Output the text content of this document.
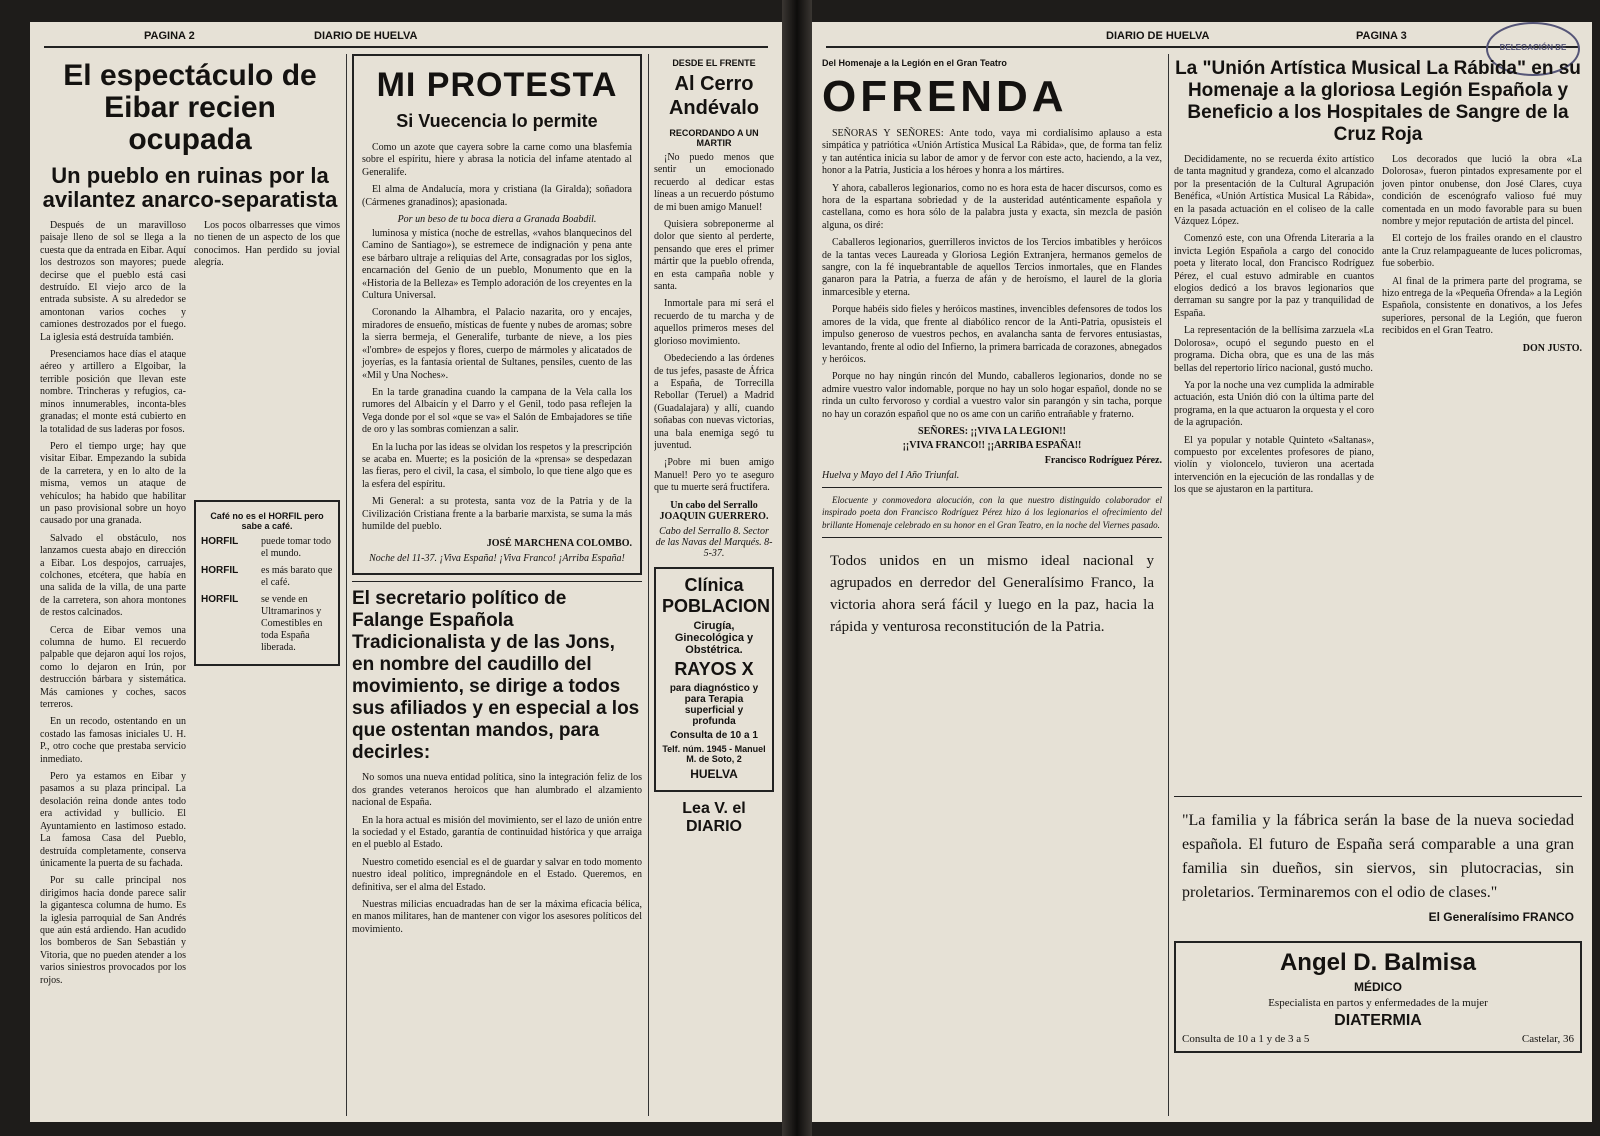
PAGINA 2	DIARIO DE HUELVA
El espectáculo de Eibar recien ocupada
Un pueblo en ruinas por la avilantez anarco-separatista

Después de un maravilloso paisaje lleno de sol se llega a la cuesta que da entrada en Eibar. Aquí los destrozos son mayores; puede decirse que el pueblo está casi destruído. El viejo arco de la entrada subsiste. A su alrededor se amontonan varios coches y camiones destrozados por el fuego. La iglesia está destruída también.

Presenciamos hace días el ataque aéreo y artillero a Elgoibar, la terrible posición que llevan este nombre. Trincheras y refugios, ca-minos innumerables, inconta-bles granadas; el monte está cubierto en la totalidad de sus laderas por fosos.

Pero el tiempo urge; hay que visitar Eibar. Empezando la subida de la carretera, y en lo alto de la misma, vemos un ataque de vehículos; ha habido que habilitar un paso provisional sobre un hoyo causado por una granada.

Salvado el obstáculo, nos lanzamos cuesta abajo en dirección a Eibar. Los despojos, carruajes, colchones, etcétera, que había en una salida de la villa, de una parte de la carretera, son ahora montones de restos calcinados.

Cerca de Eibar vemos una columna de humo. El recuerdo palpable que dejaron aquí los rojos, como lo dejaron en Irún, por destrucción bárbara y sistemática. Más camiones y coches, sacos terreros.

En un recodo, ostentando en un costado las famosas iniciales U. H. P., otro coche que prestaba servicio inmediato.

Pero ya estamos en Eibar y pasamos a su plaza principal. La desolación reina donde antes todo era actividad y bullicio. El Ayuntamiento en lastimoso estado. La famosa Casa del Pueblo, destruída completamente, conserva únicamente la puerta de su fachada.

Por su calle principal nos dirigimos hacia donde parece salir la gigantesca columna de humo. Es la iglesia parroquial de San Andrés que aún está ardiendo. Han acudido los bomberos de San Sebastián y Vitoria, que no pueden atender a los varios siniestros provocados por los rojos.

Los pocos olbarresses que vimos no tienen de un aspecto de los que conocimos. Han perdido su jovial alegría.

Café no es el HORFIL pero sabe a café.
HORFIL	puede tomar todo el mundo.
HORFIL	es más barato que el café.
HORFIL	se vende en Ultramarinos y Comestibles en toda España liberada.
MI PROTESTA
Si Vuecencia lo permite

Como un azote que cayera sobre la carne como una blasfemia sobre el espíritu, hiere y abrasa la noticia del infame atentado al Generalife.

El alma de Andalucía, mora y cristiana (la Giralda); soñadora (Cármenes granadinos); apasionada.

Por un beso de tu boca diera a Granada Boabdil.

luminosa y mística (noche de estrellas, «vahos blanquecinos del Camino de Santiago»), se estremece de indignación y pena ante ese bárbaro ultraje a reliquias del Arte, consagradas por los siglos, encarnación del Genio de un pueblo, Monumento que en la «Historia de la Belleza» es Templo adoración de los creyentes en la Cultura Universal.

Coronando la Alhambra, el Palacio nazarita, oro y encajes, miradores de ensueño, místicas de fuente y nubes de aromas; sobre la sierra bermeja, el Generalife, turbante de nieve, a los pies «l'ombre» de espejos y flores, cuerpo de mármoles y alicatados de joyerías, es la fantasía oriental de Sultanes, pensiles, cuento de las «Mil y Una Noches».

En la tarde granadina cuando la campana de la Vela calla los rumores del Albaicín y el Darro y el Genil, todo pasa reflejen la Vega donde por el sol «que se va» el Salón de Embajadores se tiñe de oro y las sombras comienzan a salir.

En la lucha por las ideas se olvidan los respetos y la prescripción se acaba en. Muerte; es la posición de la «prensa» se despedazan las fieras, pero el civil, la casa, el símbolo, lo que tiene algo que es la esfera del espíritu.

Mi General: a su protesta, santa voz de la Patria y de la Civilización Cristiana frente a la barbarie marxista, se suma la más humilde del pueblo.

JOSÉ MARCHENA COLOMBO.
Noche del 11-37. ¡Viva España! ¡Viva Franco! ¡Arriba España!
El secretario político de Falange Española Tradicionalista y de las Jons, en nombre del caudillo del movimiento, se dirige a todos sus afiliados y en especial a los que ostentan mandos, para decirles:

No somos una nueva entidad política, sino la integración feliz de los dos grandes veteranos heroicos que han alumbrado el alzamiento nacional de España.

En la hora actual es misión del movimiento, ser el lazo de unión entre la sociedad y el Estado, garantía de continuidad histórica y que arraiga en el pueblo al Estado.

Nuestro cometido esencial es el de guardar y salvar en todo momento nuestro ideal político, impregnándole en el Estado. Queremos, en definitiva, ser el alma del Estado.

Nuestras milicias encuadradas han de ser la máxima eficacia bélica, en manos militares, han de mantener con vigor los asesores políticos del movimiento.

DESDE EL FRENTE
Al Cerro Andévalo
RECORDANDO A UN MARTIR

¡No puedo menos que sentir un emocionado recuerdo al dedicar estas líneas a un recuerdo póstumo de mi buen amigo Manuel!

Quisiera sobreponerme al dolor que siento al perderte, pensando que eres el primer mártir que la pueblo ofrenda, en esta campaña noble y santa.

Inmortale para mí será el recuerdo de tu marcha y de aquellos primeros meses del glorioso movimiento.

Obedeciendo a las órdenes de tus jefes, pasaste de África a España, de Torrecilla Rebollar (Teruel) a Madrid (Guadalajara) y allí, cuando soñabas con nuevas victorias, una bala enemiga segó tu juventud.

¡Pobre mi buen amigo Manuel! Pero yo te aseguro que tu muerte será fructífera.

Un cabo del Serrallo JOAQUIN GUERRERO.
Cabo del Serrallo 8. Sector de las Navas del Marqués. 8-5-37.
Clínica POBLACION
Cirugía, Ginecológica y Obstétrica.
RAYOS X
para diagnóstico y para Terapia superficial y profunda
Consulta de 10 a 1
Telf. núm. 1945 - Manuel M. de Soto, 2
HUELVA
Lea V. el DIARIO
DIARIO DE HUELVA	PAGINA 3
DELEGACIÓN DE
Del Homenaje a la Legión en el Gran Teatro
OFRENDA

SEÑORAS Y SEÑORES: Ante todo, vaya mi cordialísimo aplauso a esta simpática y patriótica «Unión Artística Musical La Rábida», que, de forma tan feliz y tan auténtica inicia su labor de amor y de fervor con este acto, haciendo, a la vez, honor a la Patria, Justicia a los héroes y honra a los mártires.

Y ahora, caballeros legionarios, como no es hora esta de hacer discursos, como es hora de la espartana sobriedad y de la austeridad auténticamente española y castellana, como es hora sólo de la palabra justa y exacta, sin mezcla de pasión alguna, os diré:

Caballeros legionarios, guerrilleros invictos de los Tercios imbatibles y heróicos de la tantas veces Laureada y Gloriosa Legión Extranjera, hermanos gemelos de sangre, con la fé inquebrantable de aquellos Tercios inmortales, que en Flandes ganaron para la Patria, a fuerza de afán y de heroísmo, el laurel de la gloria inmarcesible y eterna.

Porque habéis sido fieles y heróicos mastines, invencibles defensores de todos los amores de la vida, que frente al diabólico rencor de la Anti-Patria, opusisteis el impulso generoso de vuestros pechos, en avalancha santa de fervores entusiastas, levantando, frente al odio del Infierno, la primera barricada de corazones, abnegados y heróicos.

Porque no hay ningún rincón del Mundo, caballeros legionarios, donde no se admire vuestro valor indomable, porque no hay un solo hogar español, donde no se rinda un culto fervoroso y cordial a vuestro valor sin parangón y sin tacha, porque no hay un corazón español que no os ame con un cariño entrañable y fraterno.

SEÑORES: ¡¡VIVA LA LEGION!!
¡¡VIVA FRANCO!! ¡¡ARRIBA ESPAÑA!!
Francisco Rodríguez Pérez.
Huelva y Mayo del I Año Triunfal.

Elocuente y conmovedora alocución, con la que nuestro distinguido colaborador el inspirado poeta don Francisco Rodríguez Pérez hizo á los legionarios el ofrecimiento del brillante Homenaje celebrado en su honor en el Gran Teatro, en la noche del Viernes pasado.

Todos unidos en un mismo ideal nacional y agrupados en derredor del Generalísimo Franco, la victoria ahora será fácil y luego en la paz, hacia la rápida y venturosa reconstitución de la Patria.
La "Unión Artística Musical La Rábida" en su Homenaje a la gloriosa Legión Española y Beneficio a los Hospitales de Sangre de la Cruz Roja

Decididamente, no se recuerda éxito artístico de tanta magnitud y grandeza, como el alcanzado por la presentación de la Cultural Agrupación Benéfica, «Unión Artística Musical La Rábida», en la pasada actuación en el coliseo de la calle Vázquez López.

Comenzó este, con una Ofrenda Literaria a la invicta Legión Española a cargo del conocido poeta y literato local, don Francisco Rodríguez Pérez, el cual estuvo admirable en cuantos elogios dedicó a los bravos legionarios que derraman su sangre por la paz y tranquilidad de España.

La representación de la bellísima zarzuela «La Dolorosa», ocupó el segundo puesto en el programa. Dicha obra, que es una de las más bellas del repertorio lírico nacional, gustó mucho.

Ya por la noche una vez cumplida la admirable actuación, esta Unión dió con la última parte del programa, en la que actuaron la orquesta y el coro de la agrupación.

El ya popular y notable Quinteto «Saltanas», compuesto por excelentes profesores de piano, violín y violoncelo, tuvieron una acertada intervención en la ejecución de las rondallas y de los que se ajustaron en la partitura.

Los decorados que lució la obra «La Dolorosa», fueron pintados expresamente por el joven pintor onubense, don José Clares, cuya condición de escenógrafo valioso fué muy comentada en un modo favorable para su buen nombre y mejor reputación de artista del pincel.

El cortejo de los frailes orando en el claustro ante la Cruz relampagueante de luces policromas, fue soberbio.

Al final de la primera parte del programa, se hizo entrega de la «Pequeña Ofrenda» a la Legión Española, consistente en donativos, a los Jefes superiores, personal de la Legión, que fueron recibidos en el Gran Teatro.

DON JUSTO.
"La familia y la fábrica serán la base de la nueva sociedad española. El futuro de España será comparable a una gran familia sin dueños, sin siervos, sin plutocracias, sin proletarios. Terminaremos con el odio de clases."
El Generalísimo FRANCO
Angel D. Balmisa
MÉDICO
Especialista en partos y enfermedades de la mujer
DIATERMIA
Consulta de 10 a 1 y de 3 a 5	Castelar, 36
